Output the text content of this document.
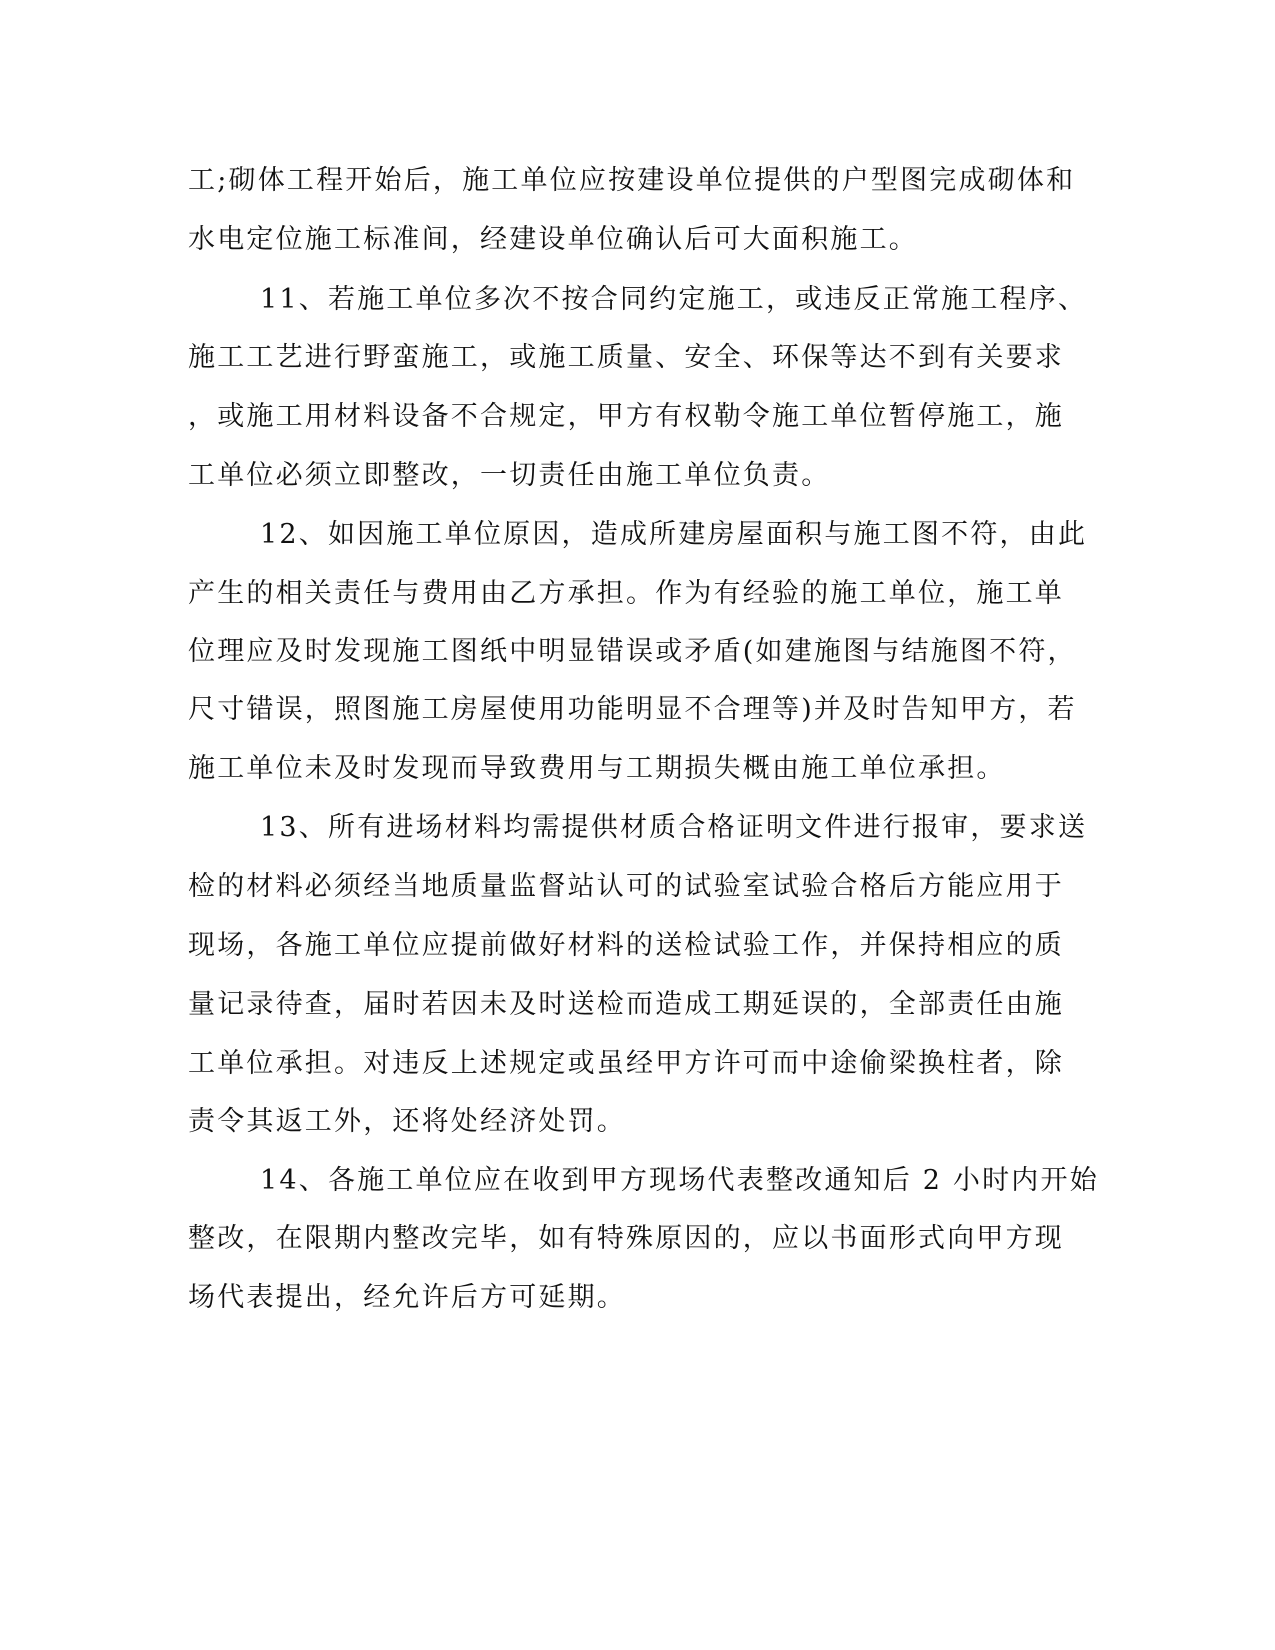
工;砌体工程开始后，施工单位应按建设单位提供的户型图完成砌体和
水电定位施工标准间，经建设单位确认后可大面积施工。
11、若施工单位多次不按合同约定施工，或违反正常施工程序、
施工工艺进行野蛮施工，或施工质量、安全、环保等达不到有关要求
，或施工用材料设备不合规定，甲方有权勒令施工单位暂停施工，施
工单位必须立即整改，一切责任由施工单位负责。
12、如因施工单位原因，造成所建房屋面积与施工图不符，由此
产生的相关责任与费用由乙方承担。作为有经验的施工单位，施工单
位理应及时发现施工图纸中明显错误或矛盾(如建施图与结施图不符，
尺寸错误，照图施工房屋使用功能明显不合理等)并及时告知甲方，若
施工单位未及时发现而导致费用与工期损失概由施工单位承担。
13、所有进场材料均需提供材质合格证明文件进行报审，要求送
检的材料必须经当地质量监督站认可的试验室试验合格后方能应用于
现场，各施工单位应提前做好材料的送检试验工作，并保持相应的质
量记录待查，届时若因未及时送检而造成工期延误的，全部责任由施
工单位承担。对违反上述规定或虽经甲方许可而中途偷梁换柱者，除
责令其返工外，还将处经济处罚。
14、各施工单位应在收到甲方现场代表整改通知后 2 小时内开始
整改，在限期内整改完毕，如有特殊原因的，应以书面形式向甲方现
场代表提出，经允许后方可延期。
